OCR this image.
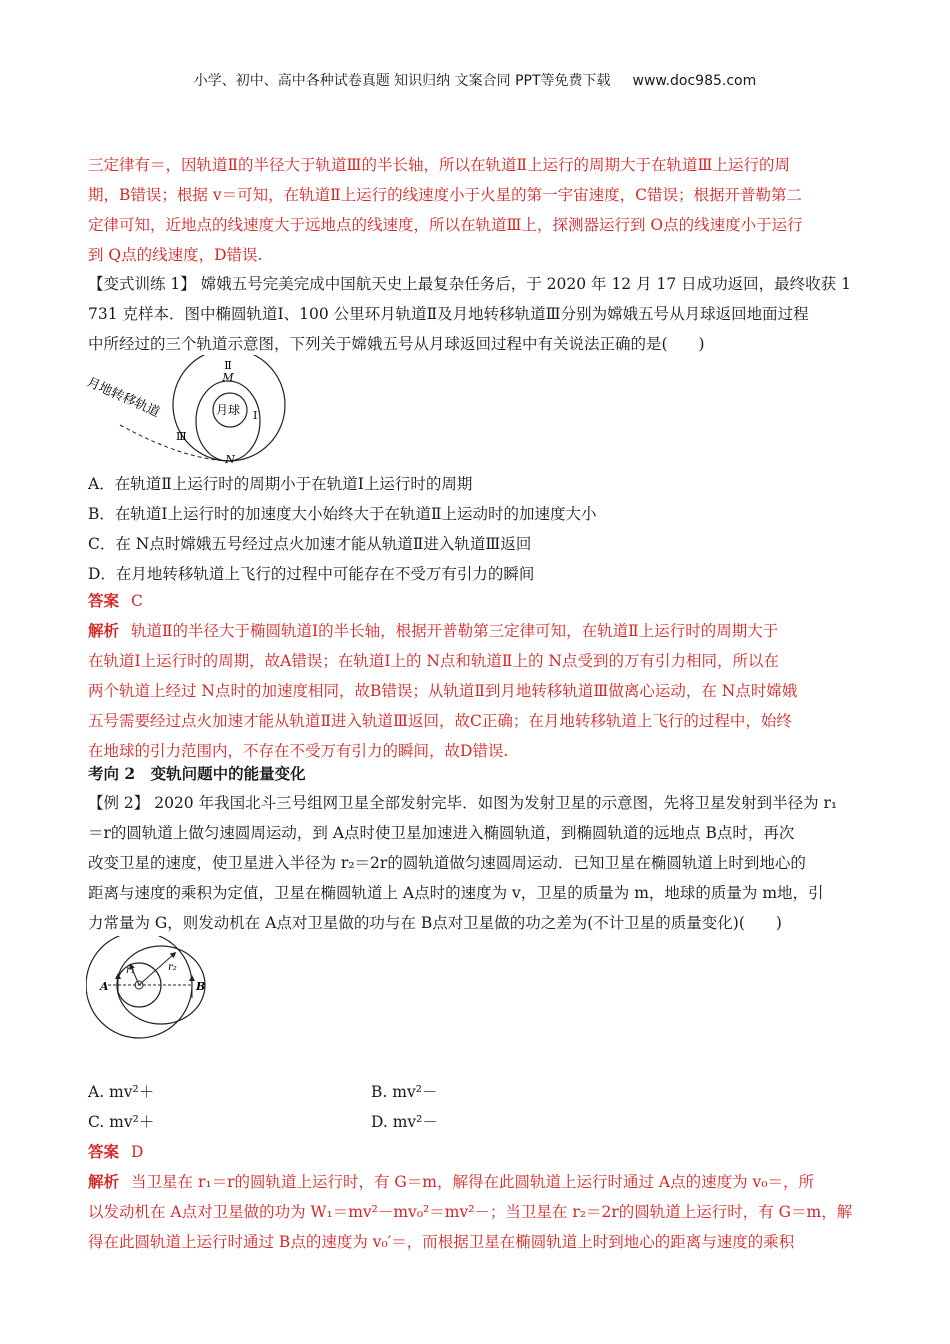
小学、初中、高中各种试卷真题 知识归纳 文案合同 PPT等免费下载 www.doc985.com

三定律有＝，因轨道Ⅱ的半径大于轨道Ⅲ的半长轴，所以在轨道Ⅱ上运行的周期大于在轨道Ⅲ上运行的周

期，B错误；根据 v＝可知，在轨道Ⅱ上运行的线速度小于火星的第一宇宙速度，C错误；根据开普勒第二

定律可知，近地点的线速度大于远地点的线速度，所以在轨道Ⅲ上，探测器运行到 O点的线速度小于运行

到 Q点的线速度，D错误.

【变式训练 1】 嫦娥五号完美完成中国航天史上最复杂任务后，于 2020 年 12 月 17 日成功返回，最终收获 1

731 克样本．图中椭圆轨道Ⅰ、100 公里环月轨道Ⅱ及月地转移轨道Ⅲ分别为嫦娥五号从月球返回地面过程

中所经过的三个轨道示意图，下列关于嫦娥五号从月球返回过程中有关说法正确的是(　　)

月球
Ⅱ
M
Ⅰ
Ⅲ
N
月地转移轨道

A．在轨道Ⅱ上运行时的周期小于在轨道Ⅰ上运行时的周期

B．在轨道Ⅰ上运行时的加速度大小始终大于在轨道Ⅱ上运动时的加速度大小

C．在 N点时嫦娥五号经过点火加速才能从轨道Ⅱ进入轨道Ⅲ返回

D．在月地转移轨道上飞行的过程中可能存在不受万有引力的瞬间

答案 C

解析 轨道Ⅱ的半径大于椭圆轨道Ⅰ的半长轴，根据开普勒第三定律可知，在轨道Ⅱ上运行时的周期大于

在轨道Ⅰ上运行时的周期，故A错误；在轨道Ⅰ上的 N点和轨道Ⅱ上的 N点受到的万有引力相同，所以在

两个轨道上经过 N点时的加速度相同，故B错误；从轨道Ⅱ到月地转移轨道Ⅲ做离心运动，在 N点时嫦娥

五号需要经过点火加速才能从轨道Ⅱ进入轨道Ⅲ返回，故C正确；在月地转移轨道上飞行的过程中，始终

在地球的引力范围内，不存在不受万有引力的瞬间，故D错误.

考向 2　变轨问题中的能量变化

【例 2】 2020 年我国北斗三号组网卫星全部发射完毕．如图为发射卫星的示意图，先将卫星发射到半径为 r₁

＝r的圆轨道上做匀速圆周运动，到 A点时使卫星加速进入椭圆轨道，到椭圆轨道的远地点 B点时，再次

改变卫星的速度，使卫星进入半径为 r₂＝2r的圆轨道做匀速圆周运动．已知卫星在椭圆轨道上时到地心的

距离与速度的乘积为定值，卫星在椭圆轨道上 A点时的速度为 v，卫星的质量为 m，地球的质量为 m地，引

力常量为 G，则发动机在 A点对卫星做的功与在 B点对卫星做的功之差为(不计卫星的质量变化)(　　)

A	B
r₁	r₂
A. mv²＋	B. mv²－
C. mv²＋	D. mv²－

答案 D

解析 当卫星在 r₁＝r的圆轨道上运行时，有 G＝m，解得在此圆轨道上运行时通过 A点的速度为 v₀＝，所

以发动机在 A点对卫星做的功为 W₁＝mv²－mv₀²＝mv²－；当卫星在 r₂＝2r的圆轨道上运行时，有 G＝m，解

得在此圆轨道上运行时通过 B点的速度为 v₀′＝，而根据卫星在椭圆轨道上时到地心的距离与速度的乘积
